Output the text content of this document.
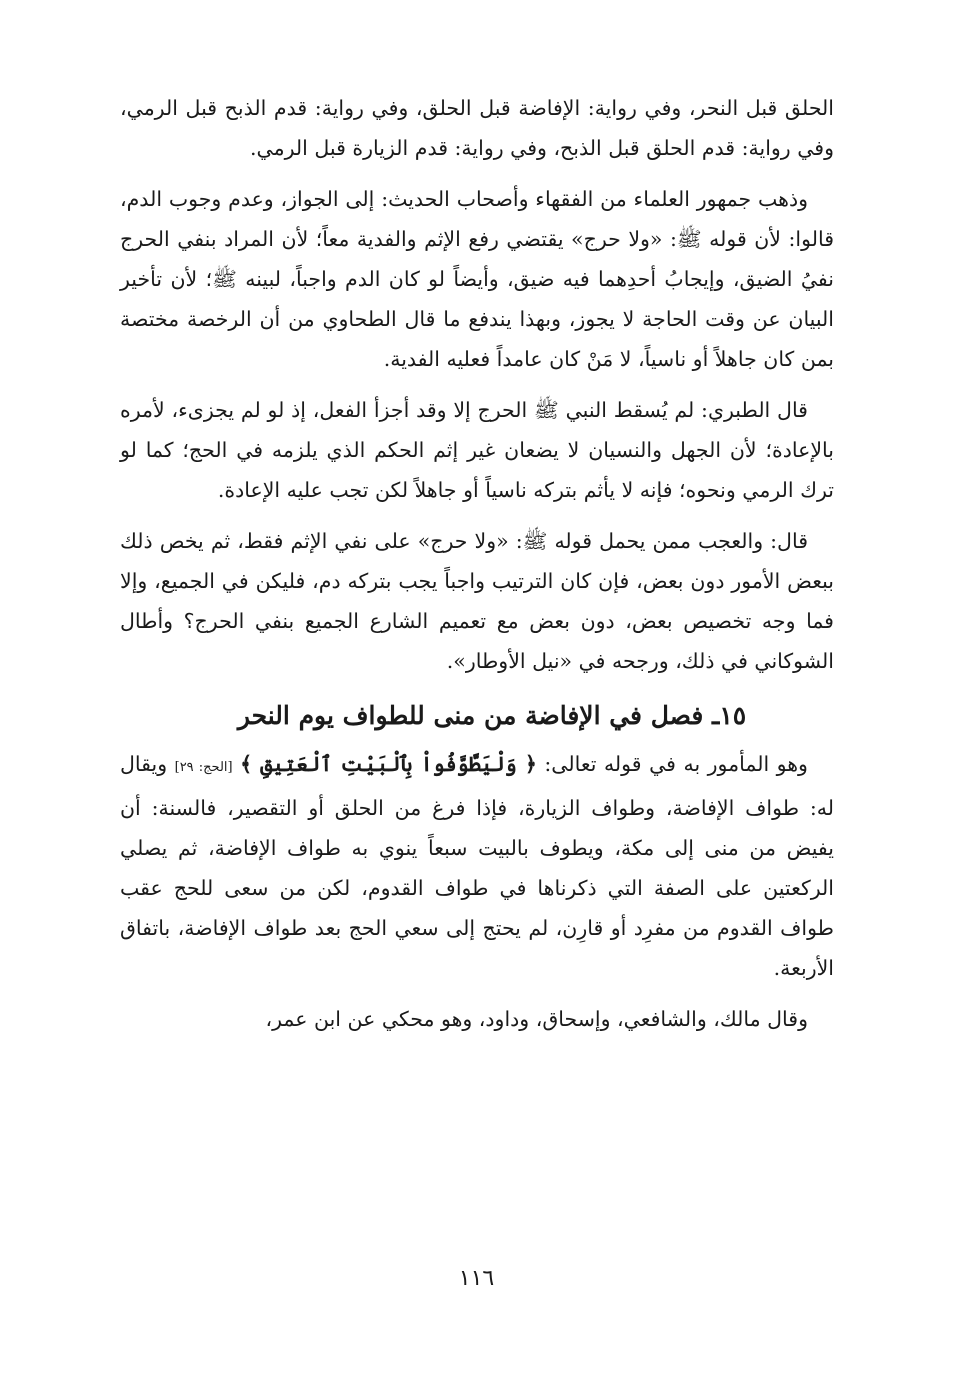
الحلق قبل النحر، وفي رواية: الإفاضة قبل الحلق، وفي رواية: قدم الذبح قبل الرمي، وفي رواية: قدم الحلق قبل الذبح، وفي رواية: قدم الزيارة قبل الرمي.

وذهب جمهور العلماء من الفقهاء وأصحاب الحديث: إلى الجواز، وعدم وجوب الدم، قالوا: لأن قوله ﷺ: «ولا حرج» يقتضي رفع الإثم والفدية معاً؛ لأن المراد بنفي الحرج نفيُ الضيق، وإيجابُ أحدِهما فيه ضيق، وأيضاً لو كان الدم واجباً، لبينه ﷺ؛ لأن تأخير البيان عن وقت الحاجة لا يجوز، وبهذا يندفع ما قال الطحاوي من أن الرخصة مختصة بمن كان جاهلاً أو ناسياً، لا مَنْ كان عامداً فعليه الفدية.

قال الطبري: لم يُسقط النبي ﷺ الحرج إلا وقد أجزأ الفعل، إذ لو لم يجزىء، لأمره بالإعادة؛ لأن الجهل والنسيان لا يضعان غير إثم الحكم الذي يلزمه في الحج؛ كما لو ترك الرمي ونحوه؛ فإنه لا يأثم بتركه ناسياً أو جاهلاً لكن تجب عليه الإعادة.

قال: والعجب ممن يحمل قوله ﷺ: «ولا حرج» على نفي الإثم فقط، ثم يخص ذلك ببعض الأمور دون بعض، فإن كان الترتيب واجباً يجب بتركه دم، فليكن في الجميع، وإلا فما وجه تخصيص بعض، دون بعض مع تعميم الشارع الجميع بنفي الحرج؟ وأطال الشوكاني في ذلك، ورجحه في «نيل الأوطار».

١٥ـ فصل في الإفاضة من منى للطواف يوم النحر

وهو المأمور به في قوله تعالى: ﴿ وَلْيَطَّوَّفُواْ بِٱلْبَيْتِ ٱلْعَتِيقِ ﴾ [الحج: ٢٩] ويقال له: طواف الإفاضة، وطواف الزيارة، فإذا فرغ من الحلق أو التقصير، فالسنة: أن يفيض من منى إلى مكة، ويطوف بالبيت سبعاً ينوي به طواف الإفاضة، ثم يصلي الركعتين على الصفة التي ذكرناها في طواف القدوم، لكن من سعى للحج عقب طواف القدوم من مفرِد أو قارِن، لم يحتج إلى سعي الحج بعد طواف الإفاضة، باتفاق الأربعة.

وقال مالك، والشافعي، وإسحاق، وداود، وهو محكي عن ابن عمر،

١١٦
